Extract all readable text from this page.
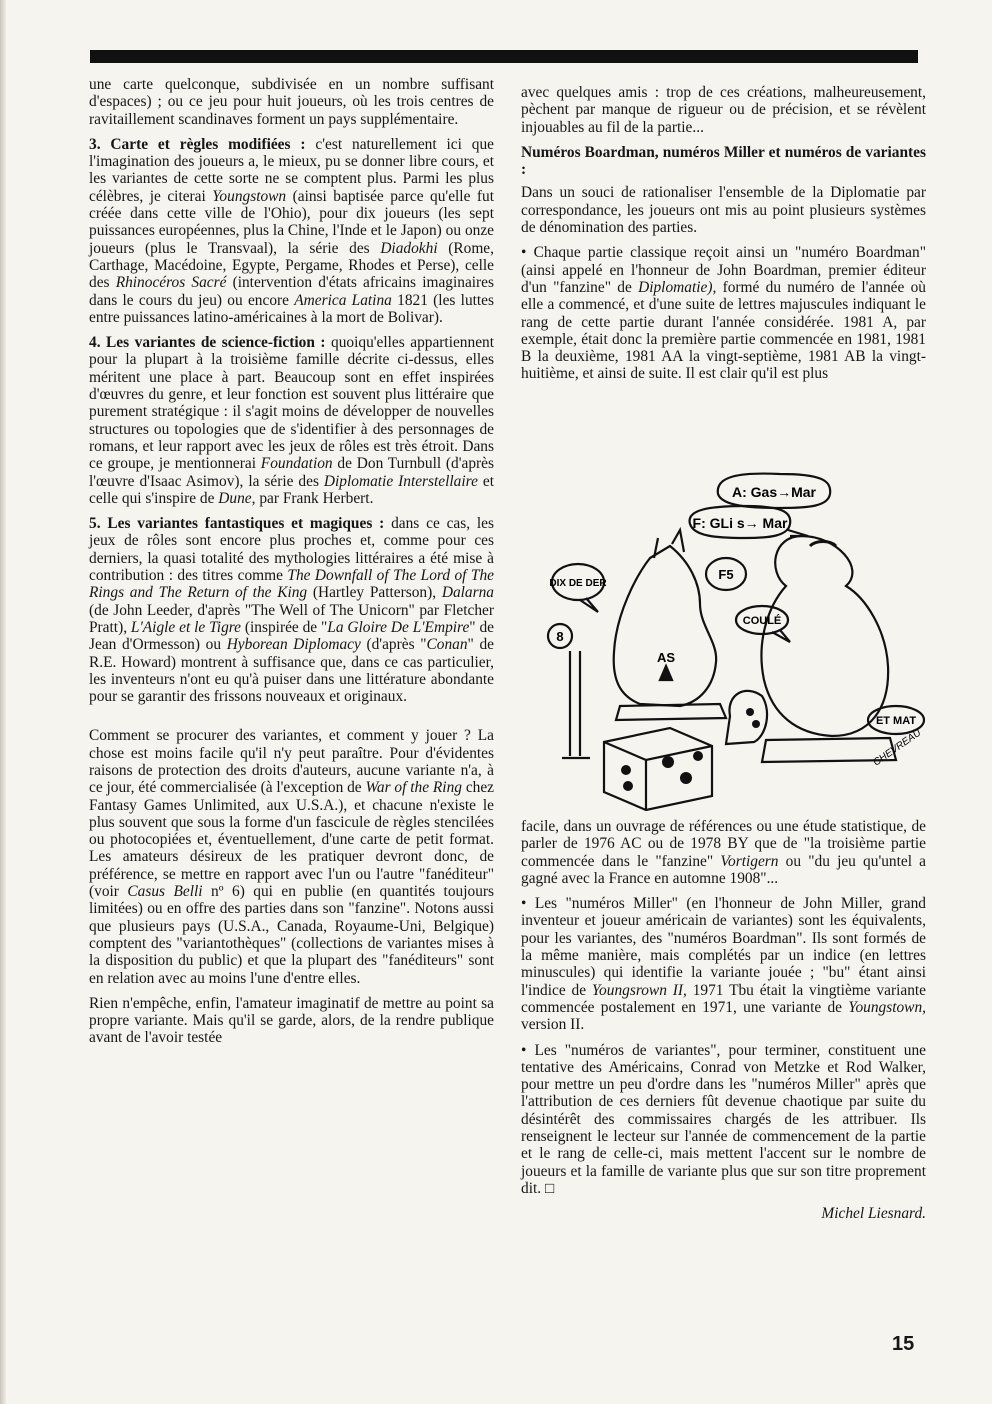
une carte quelconque, subdivisée en un nombre suffisant d'espaces) ; ou ce jeu pour huit joueurs, où les trois centres de ravitaillement scandinaves forment un pays supplémentaire.

3. Carte et règles modifiées : c'est naturellement ici que l'imagination des joueurs a, le mieux, pu se donner libre cours, et les variantes de cette sorte ne se comptent plus. Parmi les plus célèbres, je citerai Youngstown (ainsi baptisée parce qu'elle fut créée dans cette ville de l'Ohio), pour dix joueurs (les sept puissances européennes, plus la Chine, l'Inde et le Japon) ou onze joueurs (plus le Transvaal), la série des Diadokhi (Rome, Carthage, Macédoine, Egypte, Pergame, Rhodes et Perse), celle des Rhinocéros Sacré (intervention d'états africains imaginaires dans le cours du jeu) ou encore America Latina 1821 (les luttes entre puissances latino-américaines à la mort de Bolivar).

4. Les variantes de science-fiction : quoiqu'elles appartiennent pour la plupart à la troisième famille décrite ci-dessus, elles méritent une place à part. Beaucoup sont en effet inspirées d'œuvres du genre, et leur fonction est souvent plus littéraire que purement stratégique : il s'agit moins de développer de nouvelles structures ou topologies que de s'identifier à des personnages de romans, et leur rapport avec les jeux de rôles est très étroit. Dans ce groupe, je mentionnerai Foundation de Don Turnbull (d'après l'œuvre d'Isaac Asimov), la série des Diplomatie Interstellaire et celle qui s'inspire de Dune, par Frank Herbert.

5. Les variantes fantastiques et magiques : dans ce cas, les jeux de rôles sont encore plus proches et, comme pour ces derniers, la quasi totalité des mythologies littéraires a été mise à contribution : des titres comme The Downfall of The Lord of The Rings and The Return of the King (Hartley Patterson), Dalarna (de John Leeder, d'après "The Well of The Unicorn" par Fletcher Pratt), L'Aigle et le Tigre (inspirée de "La Gloire De L'Empire" de Jean d'Ormesson) ou Hyborean Diplomacy (d'après "Conan" de R.E. Howard) montrent à suffisance que, dans ce cas particulier, les inventeurs n'ont eu qu'à puiser dans une littérature abondante pour se garantir des frissons nouveaux et originaux.

Comment se procurer des variantes, et comment y jouer ? La chose est moins facile qu'il n'y peut paraître. Pour d'évidentes raisons de protection des droits d'auteurs, aucune variante n'a, à ce jour, été commercialisée (à l'exception de War of the Ring chez Fantasy Games Unlimited, aux U.S.A.), et chacune n'existe le plus souvent que sous la forme d'un fascicule de règles stencilées ou photocopiées et, éventuellement, d'une carte de petit format. Les amateurs désireux de les pratiquer devront donc, de préférence, se mettre en rapport avec l'un ou l'autre "fanéditeur" (voir Casus Belli nº 6) qui en publie (en quantités toujours limitées) ou en offre des parties dans son "fanzine". Notons aussi que plusieurs pays (U.S.A., Canada, Royaume-Uni, Belgique) comptent des "variantothèques" (collections de variantes mises à la disposition du public) et que la plupart des "fanéditeurs" sont en relation avec au moins l'une d'entre elles.

Rien n'empêche, enfin, l'amateur imaginatif de mettre au point sa propre variante. Mais qu'il se garde, alors, de la rendre publique avant de l'avoir testée

avec quelques amis : trop de ces créations, malheureusement, pèchent par manque de rigueur ou de précision, et se révèlent injouables au fil de la partie...

Numéros Boardman, numéros Miller et numéros de variantes :

Dans un souci de rationaliser l'ensemble de la Diplomatie par correspondance, les joueurs ont mis au point plusieurs systèmes de dénomination des parties.

• Chaque partie classique reçoit ainsi un "numéro Boardman" (ainsi appelé en l'honneur de John Boardman, premier éditeur d'un "fanzine" de Diplomatie), formé du numéro de l'année où elle a commencé, et d'une suite de lettres majuscules indiquant le rang de cette partie durant l'année considérée. 1981 A, par exemple, était donc la première partie commencée en 1981, 1981 B la deuxième, 1981 AA la vingt-septième, 1981 AB la vingt-huitième, et ainsi de suite. Il est clair qu'il est plus

A: Gas→Mar
F: GLi s→ Mar
DIX DE DER
F5
COULÉ
ET MAT
8
AS
CHEVREAU

facile, dans un ouvrage de références ou une étude statistique, de parler de 1976 AC ou de 1978 BY que de "la troisième partie commencée dans le "fanzine" Vortigern ou "du jeu qu'untel a gagné avec la France en automne 1908"...

• Les "numéros Miller" (en l'honneur de John Miller, grand inventeur et joueur américain de variantes) sont les équivalents, pour les variantes, des "numéros Boardman". Ils sont formés de la même manière, mais complétés par un indice (en lettres minuscules) qui identifie la variante jouée ; "bu" étant ainsi l'indice de Youngsrown II, 1971 Tbu était la vingtième variante commencée postalement en 1971, une variante de Youngstown, version II.

• Les "numéros de variantes", pour terminer, constituent une tentative des Américains, Conrad von Metzke et Rod Walker, pour mettre un peu d'ordre dans les "numéros Miller" après que l'attribution de ces derniers fût devenue chaotique par suite du désintérêt des commissaires chargés de les attribuer. Ils renseignent le lecteur sur l'année de commencement de la partie et le rang de celle-ci, mais mettent l'accent sur le nombre de joueurs et la famille de variante plus que sur son titre proprement dit. □

Michel Liesnard.

15
